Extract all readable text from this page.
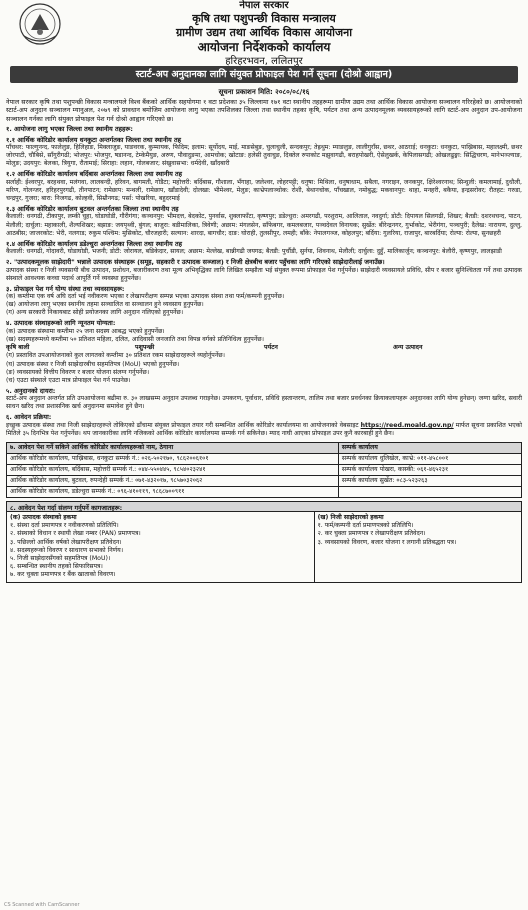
नेपाल सरकार
कृषि तथा पशुपन्छी विकास मन्त्रालय
ग्रामीण उद्यम तथा आर्थिक विकास आयोजना
आयोजना निर्देशकको कार्यालय
हरिहरभवन, ललितपुर
स्टार्ट-अप अनुदानका लागि संयुक्त प्रोफाइल पेश गर्ने सूचना (दोश्रो आह्वान)
सूचना प्रकाशन मिति: २०८०/०८/१६
नेपाल सरकार कृषि तथा पशुपन्छी विकास मन्त्रालयले विश्व बैंकको आर्थिक सहयोगमा १ वटा प्रदेशका ३५ जिल्लामा १७१ वटा स्थानीय तहहरूमा ग्रामीण उद्यम तथा आर्थिक विकास आयोजना सञ्चालन गरिरहेको छ। आयोजनाको स्टार्ट-अप अनुदान सञ्चालन म्यानुअल, २०७९ को प्रावधान बमोजिम आयोजना लागु भएका तपशिलका जिल्ला तथा स्थानीय तहका कृषि, पर्यटन तथा अन्य उत्पादनमूलक व्यवसायहरूको लागि स्टार्ट-अप अनुदान उप-आयोजना सञ्चालन गर्नका लागि संयुक्त प्रोफाइल पेश गर्न दोश्रो आह्वान गरिएको छ।
१. आयोजना लागु भएका जिल्ला तथा स्थानीय तहहरू:
१.१ आर्थिक कोरिडोर कार्यालय धनकुटा अन्तर्गतका जिल्ला तथा स्थानीय तह
पाँचथर: फाल्गुनन्द, फालेलुङ, हिलिहाङ, मिक्लाजुङ, याङवरक, कुम्मायक, फिदिम; इलाम: सूर्योदय, माई, माङसेबुङ, चुलाचुली, सन्दकपुर; तेह्रथुम: म्याङलुङ, लालीगुराँस, छथर, आठराई; धनकुटा: धनकुटा, पाख्रिबास, महालक्ष्मी, छथर जोरपाटी, चौबिसे, साँगुरीगढी; भोजपुर: भोजपुर, षडानन्द, टेम्केमैयुङ, अरुण, पौवादुङमा, आमचोक; खोटाङ: हलेसी तुवाचुङ, दिक्तेल रुपाकोट मझुवागढी, बराहपोखरी, ऐसेलुखर्क, केपिलासगढी; ओखलढुङ्गा: सिद्धिचरण, मानेभञ्ज्याङ, मोलुङ; उदयपुर: बेलका, त्रियुगा, रौतामाई; सिराहा: लहान, गोलबजार; संखुवासभा: धर्मदेवी, खाँदबारी
१.२ आर्थिक कोरिडोर कार्यालय बर्दिबास अन्तर्गतका जिल्ला तथा स्थानीय तह
सर्लाही: ईश्वरपुर, बरहथवा, मलंगवा, लालबन्दी, हरिवन, बागमती, गोडैटा; महोत्तरी: बर्दिबास, गौशाला, भँगाहा, जलेश्वर, लोहरपट्टी; धनुषा: मिथिला, धनुषाधाम, सबैला, नगराइन, जनकपुर, क्षिरेश्वरनाथ; सिन्धुली: कमलामाई, दुधौली, मरिण, गोलन्जर, हरिहरपुरगढी, तीनपाटन; रामेछाप: मन्थली, रामेछाप, खाँडादेवी; दोलखा: भीमेश्वर, मेलुङ; काभ्रेपलाञ्चोक: रोशी, बेथानचोक, पाँचखाल, नमोबुद्ध; मकवानपुर: थाहा, मनहरी, बकैया, इन्द्रसरोवर; रौतहट: गरुडा, चन्द्रपुर, गुजरा; बारा: निजगढ, कोल्हवी, सिम्रौनगढ; पर्सा: पोखरिया, बहुदरमाई
१.३ आर्थिक कोरिडोर कार्यालय बुटवल अन्तर्गतका जिल्ला तथा स्थानीय तह
कैलाली: धनगढी, टीकापुर, लम्की चुहा, घोडाघोडी, गौरीगंगा; कञ्चनपुर: भीमदत्त, बेदकोट, पुनर्वास, शुक्लाफाँटा, कृष्णपुर; डडेल्धुरा: अमरगढी, परशुराम, आलिताल, नवदुर्गा; डोटी: दिपायल सिलगढी, शिखर; बैतडी: दशरथचन्द, पाटन, मेलौली; दार्चुला: महाकाली, शैल्यशिखर; बझाङ: जयपृथ्वी, बुंगल; बाजुरा: बडीमालिका, त्रिवेणी; अछाम: मंगलसेन, साँफेबगर, कमलबजार, पञ्चदेवल विनायक; सुर्खेत: बीरेन्द्रनगर, गुर्भाकोट, भेरीगंगा, पञ्चपुरी; दैलेख: नारायण, दुल्लु, आठबीस; जाजरकोट: भेरी, नलगाड; रुकुम पश्चिम: मुसिकोट, चौरजहारी; सल्यान: शारदा, बागचौर; दाङ: घोराही, तुलसीपुर, लमही; बाँके: नेपालगञ्ज, कोहलपुर; बर्दिया: गुलरिया, राजापुर, बारबर्दिया; रोल्पा: रोल्पा, सुनछहरी
१.४ आर्थिक कोरिडोर कार्यालय डडेल्धुरा अन्तर्गतका जिल्ला तथा स्थानीय तह
कैलाली: धनगढी, गोदावरी, घोडाघोडी, भजनी; डोटी: जोरायल, बडिकेदार, सायल; अछाम: मेल्लेख, बान्नीगढी जयगढ; बैतडी: पुर्चौडी, सुर्नया, शिवनाथ, मेलौली; दार्चुला: दुहुँ, मालिकार्जुन; कञ्चनपुर: बेलौरी, कृष्णपुर, लालझाडी
२. "उत्पादकमूलक साझेदारी" भन्नाले उत्पादक संस्थाहरू (समूह, सहकारी र उत्पादक सञ्जाल) र निजी क्षेत्रबीच बजार पहुँचका लागि गरिएको साझेदारीलाई जनाउँछ।
उत्पादक संस्था र निजी व्यवसायी बीच उत्पादन, प्रशोधन, बजारीकरण तथा मूल्य अभिवृद्धिका लागि लिखित सम्झौता भई संयुक्त रूपमा प्रोफाइल पेश गर्नुपर्नेछ। साझेदारी व्यवसायले प्रविधि, सीप र बजार सुनिश्चितता गर्ने तथा उत्पादक संस्थाले आवश्यक कच्चा पदार्थ आपूर्ति गर्ने व्यवस्था हुनुपर्नेछ।
३. प्रोफाइल पेश गर्न योग्य संस्था तथा व्यवसायहरू:
(क) कम्तीमा एक वर्ष अघि दर्ता भई नवीकरण भएका र लेखापरीक्षण सम्पन्न भएका उत्पादक संस्था तथा फर्म/कम्पनी हुनुपर्नेछ।
(ख) आयोजना लागु भएका स्थानीय तहमा सञ्चालित वा सञ्चालन हुने व्यवसाय हुनुपर्नेछ।
(ग) अन्य सरकारी निकायबाट सोही प्रयोजनका लागि अनुदान नलिएको हुनुपर्नेछ।
४. उत्पादक संस्थाहरूको लागि न्यूनतम योग्यता:
(क) उत्पादक संस्थामा कम्तीमा २५ जना सदस्य आबद्ध भएको हुनुपर्नेछ।
(ख) सदस्यहरूमध्ये कम्तीमा ५० प्रतिशत महिला, दलित, आदिवासी जनजाति तथा विपन्न वर्गको प्रतिनिधित्व हुनुपर्नेछ।
कृषि बाली	पशुपन्छी	पर्यटन	अन्य उत्पादन
(ग) प्रस्तावित उपआयोजनाको कुल लागतको कम्तीमा ३० प्रतिशत रकम साझेदारहरूले व्यहोर्नुपर्नेछ।
(घ) उत्पादक संस्था र निजी साझेदारबीच सहमतिपत्र (MoU) भएको हुनुपर्नेछ।
(ङ) व्यवसायको वित्तीय विवरण र बजार योजना संलग्न गर्नुपर्नेछ।
(च) एउटा संस्थाले एउटा मात्र प्रोफाइल पेश गर्न पाउनेछ।
५. अनुदानको दायरा:
स्टार्ट-अप अनुदान अन्तर्गत प्रति उपआयोजना बढीमा रु. ३० लाखसम्म अनुदान उपलब्ध गराइनेछ। उपकरण, पूर्वाधार, प्रविधि हस्तान्तरण, तालिम तथा बजार प्रवर्धनका क्रियाकलापहरू अनुदानका लागि योग्य हुनेछन्। जग्गा खरिद, सवारी साधन खरिद तथा प्रशासनिक खर्च अनुदानमा समावेश हुने छैन।
६. आवेदन प्रक्रिया:
इच्छुक उत्पादक संस्था तथा निजी साझेदारहरूले तोकिएको ढाँचामा संयुक्त प्रोफाइल तयार गरी सम्बन्धित आर्थिक कोरिडोर कार्यालयमा वा आयोजनाको वेबसाइट https://reed.moald.gov.np/ मार्फत सूचना प्रकाशित भएको मितिले ३५ दिनभित्र पेश गर्नुपर्नेछ। थप जानकारीका लागि नजिकको आर्थिक कोरिडोर कार्यालयमा सम्पर्क गर्न सकिनेछ। म्याद नाघी आएका प्रोफाइल उपर कुनै कारबाही हुने छैन।
७. आवेदन पेश गर्ने सकिने आर्थिक कोरिडोर कार्यालयहरूको नाम, ठेगाना	सम्पर्क कार्यालय
आर्थिक कोरिडोर कार्यालय, पाख्रिबास, धनकुटा सम्पर्क नं.: ०२६-५०२१७०, ९८६२००६१०१	सम्पर्क कार्यालय धुलिखेल, काभ्रे: ०११-४५८००१
आर्थिक कोरिडोर कार्यालय, बर्दिबास, महोत्तरी सम्पर्क नं.: ०४४-५५०४४५, ९८५४०२३२४१	सम्पर्क कार्यालय पोखरा, कास्की: ०६१-४६५२३१
आर्थिक कोरिडोर कार्यालय, बुटवल, रुपन्देही सम्पर्क नं.: ०७१-४३२०१७, ९८५७०३२०६२	सम्पर्क कार्यालय सुर्खेत: ०८३-५२३२६३
आर्थिक कोरिडोर कार्यालय, डडेल्धुरा सम्पर्क नं.: ०९६-४१०११९, ९८६८७००९११	
८. आवेदन पेश गर्दा संलग्न गर्नुपर्ने कागजातहरू:
(क) उत्पादक संस्थाको हकमा
१. संस्था दर्ता प्रमाणपत्र र नवीकरणको प्रतिलिपि।
२. संस्थाको विधान र स्थायी लेखा नम्बर (PAN) प्रमाणपत्र।
३. पछिल्लो आर्थिक वर्षको लेखापरीक्षण प्रतिवेदन।
४. सदस्यहरूको विवरण र साधारण सभाको निर्णय।
५. निजी साझेदारसँगको सहमतिपत्र (MoU)।
६. सम्बन्धित स्थानीय तहको सिफारिसपत्र।
७. कर चुक्ता प्रमाणपत्र र बैंक खाताको विवरण।
(ख) निजी साझेदारको हकमा
१. फर्म/कम्पनी दर्ता प्रमाणपत्रको प्रतिलिपि।
२. कर चुक्ता प्रमाणपत्र र लेखापरीक्षण प्रतिवेदन।
३. व्यवसायको विवरण, बजार योजना र लगानी प्रतिबद्धता पत्र।
CS Scanned with CamScanner
